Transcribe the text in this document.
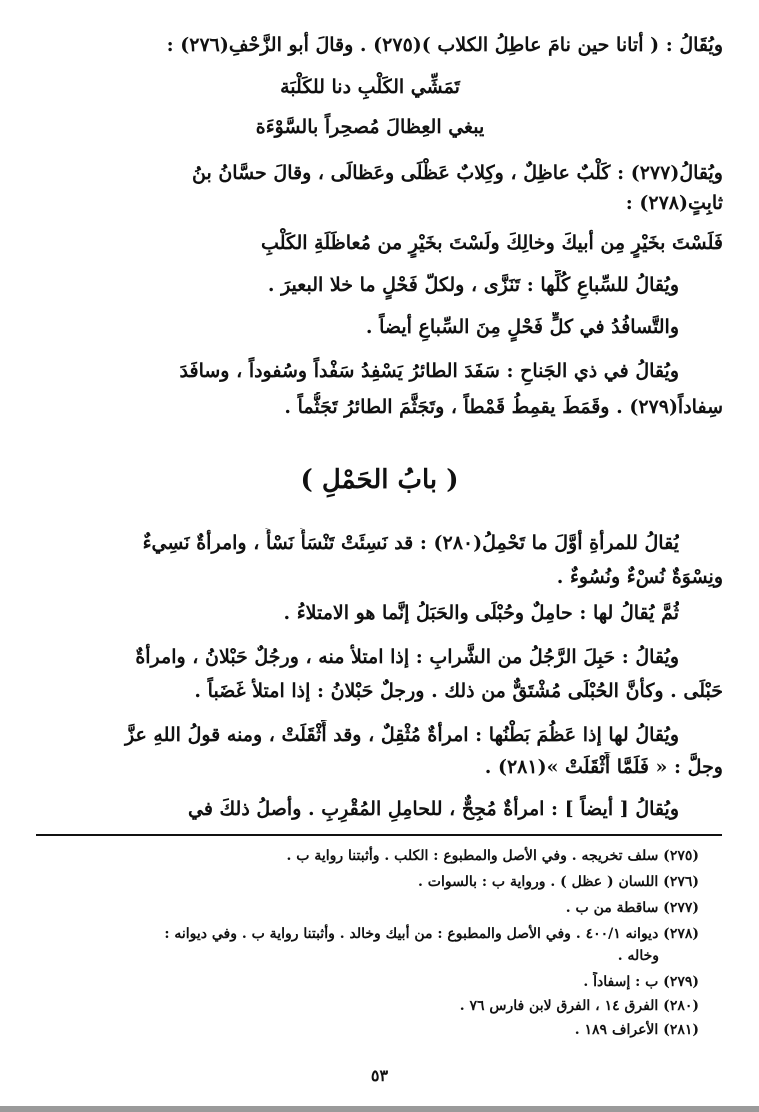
ويُقَالُ : ( أتانا حين نامَ عاطِلُ الكلاب )(٢٧٥) . وقالَ أبو الزَّحْفِ(٢٧٦) :
تَمَشِّي الكَلْبِ دنا للكَلْبَة
يبغي العِظالَ مُصحِراً بالسَّوْءَة
ويُقالُ(٢٧٧) : كَلْبٌ عاظِلٌ ، وكِلابٌ عَظْلَى وعَظالَى ، وقالَ حسَّانُ بنُ
ثابِتٍ(٢٧٨) :
فَلَسْتَ بخَيْرٍ مِن أبيكَ وخالِكَ ولَسْتَ بخَيْرٍ من مُعاظَلَةِ الكَلْبِ
ويُقالُ للسِّباعِ كُلِّها : تَنَزَّى ، ولكلّ فَحْلٍ ما خلا البعيرَ .
والتَّسافُدُ في كلٍّ فَحْلٍ مِنَ السِّباعِ أيضاً .
ويُقالُ في ذي الجَناحِ : سَفَدَ الطائرُ يَسْفِدُ سَفْداً وسُفوداً ، وسافَدَ
سِفاداً(٢٧٩) . وقَمَطَ يقمِطُ قَمْطاً ، وتَجَثَّمَ الطائرُ تَجَثُّماً .
( بابُ الحَمْلِ )
يُقالُ للمرأةِ أوَّلَ ما تَحْمِلُ(٢٨٠) : قد نَسِئَتْ تَنْسَأُ نَسْأً ، وامرأةٌ نَسِيءٌ
ونِسْوَةٌ نُسْءٌ ونُسُوءٌ .
ثُمَّ يُقالُ لها : حامِلٌ وحُبْلَى والحَبَلُ إنَّما هو الامتلاءُ .
ويُقالُ : حَبِلَ الرَّجُلُ من الشَّرابِ : إذا امتلأ منه ، ورجُلٌ حَبْلانُ ، وامرأةٌ
حَبْلَى . وكأنَّ الحُبْلَى مُشْتَقٌّ من ذلك . ورجلٌ حَبْلانُ : إذا امتلأ غَضَباً .
ويُقالُ لها إذا عَظُمَ بَطْنُها : امرأةٌ مُثْقِلٌ ، وقد أَثْقَلَتْ ، ومنه قولُ اللهِ عزَّ
وجلَّ : « فَلَمَّا أَثْقَلَتْ »(٢٨١) .
ويُقالُ [ أيضاً ] : امرأةٌ مُجِحٌّ ، للحامِلِ المُقْرِبِ . وأصلُ ذلكَ في
(٢٧٥) سلف تخريجه . وفي الأصل والمطبوع : الكلب . وأثبتنا رواية ب .
(٢٧٦) اللسان ( عظل ) . ورواية ب : بالسوات .
(٢٧٧) ساقطة من ب .
(٢٧٨) ديوانه ٤٠٠/١ . وفي الأصل والمطبوع : من أبيك وخالد . وأثبتنا رواية ب . وفي ديوانه :
وخاله .
(٢٧٩) ب : إسفاداً .
(٢٨٠) الفرق ١٤ ، الفرق لابن فارس ٧٦ .
(٢٨١) الأعراف ١٨٩ .
٥٣
